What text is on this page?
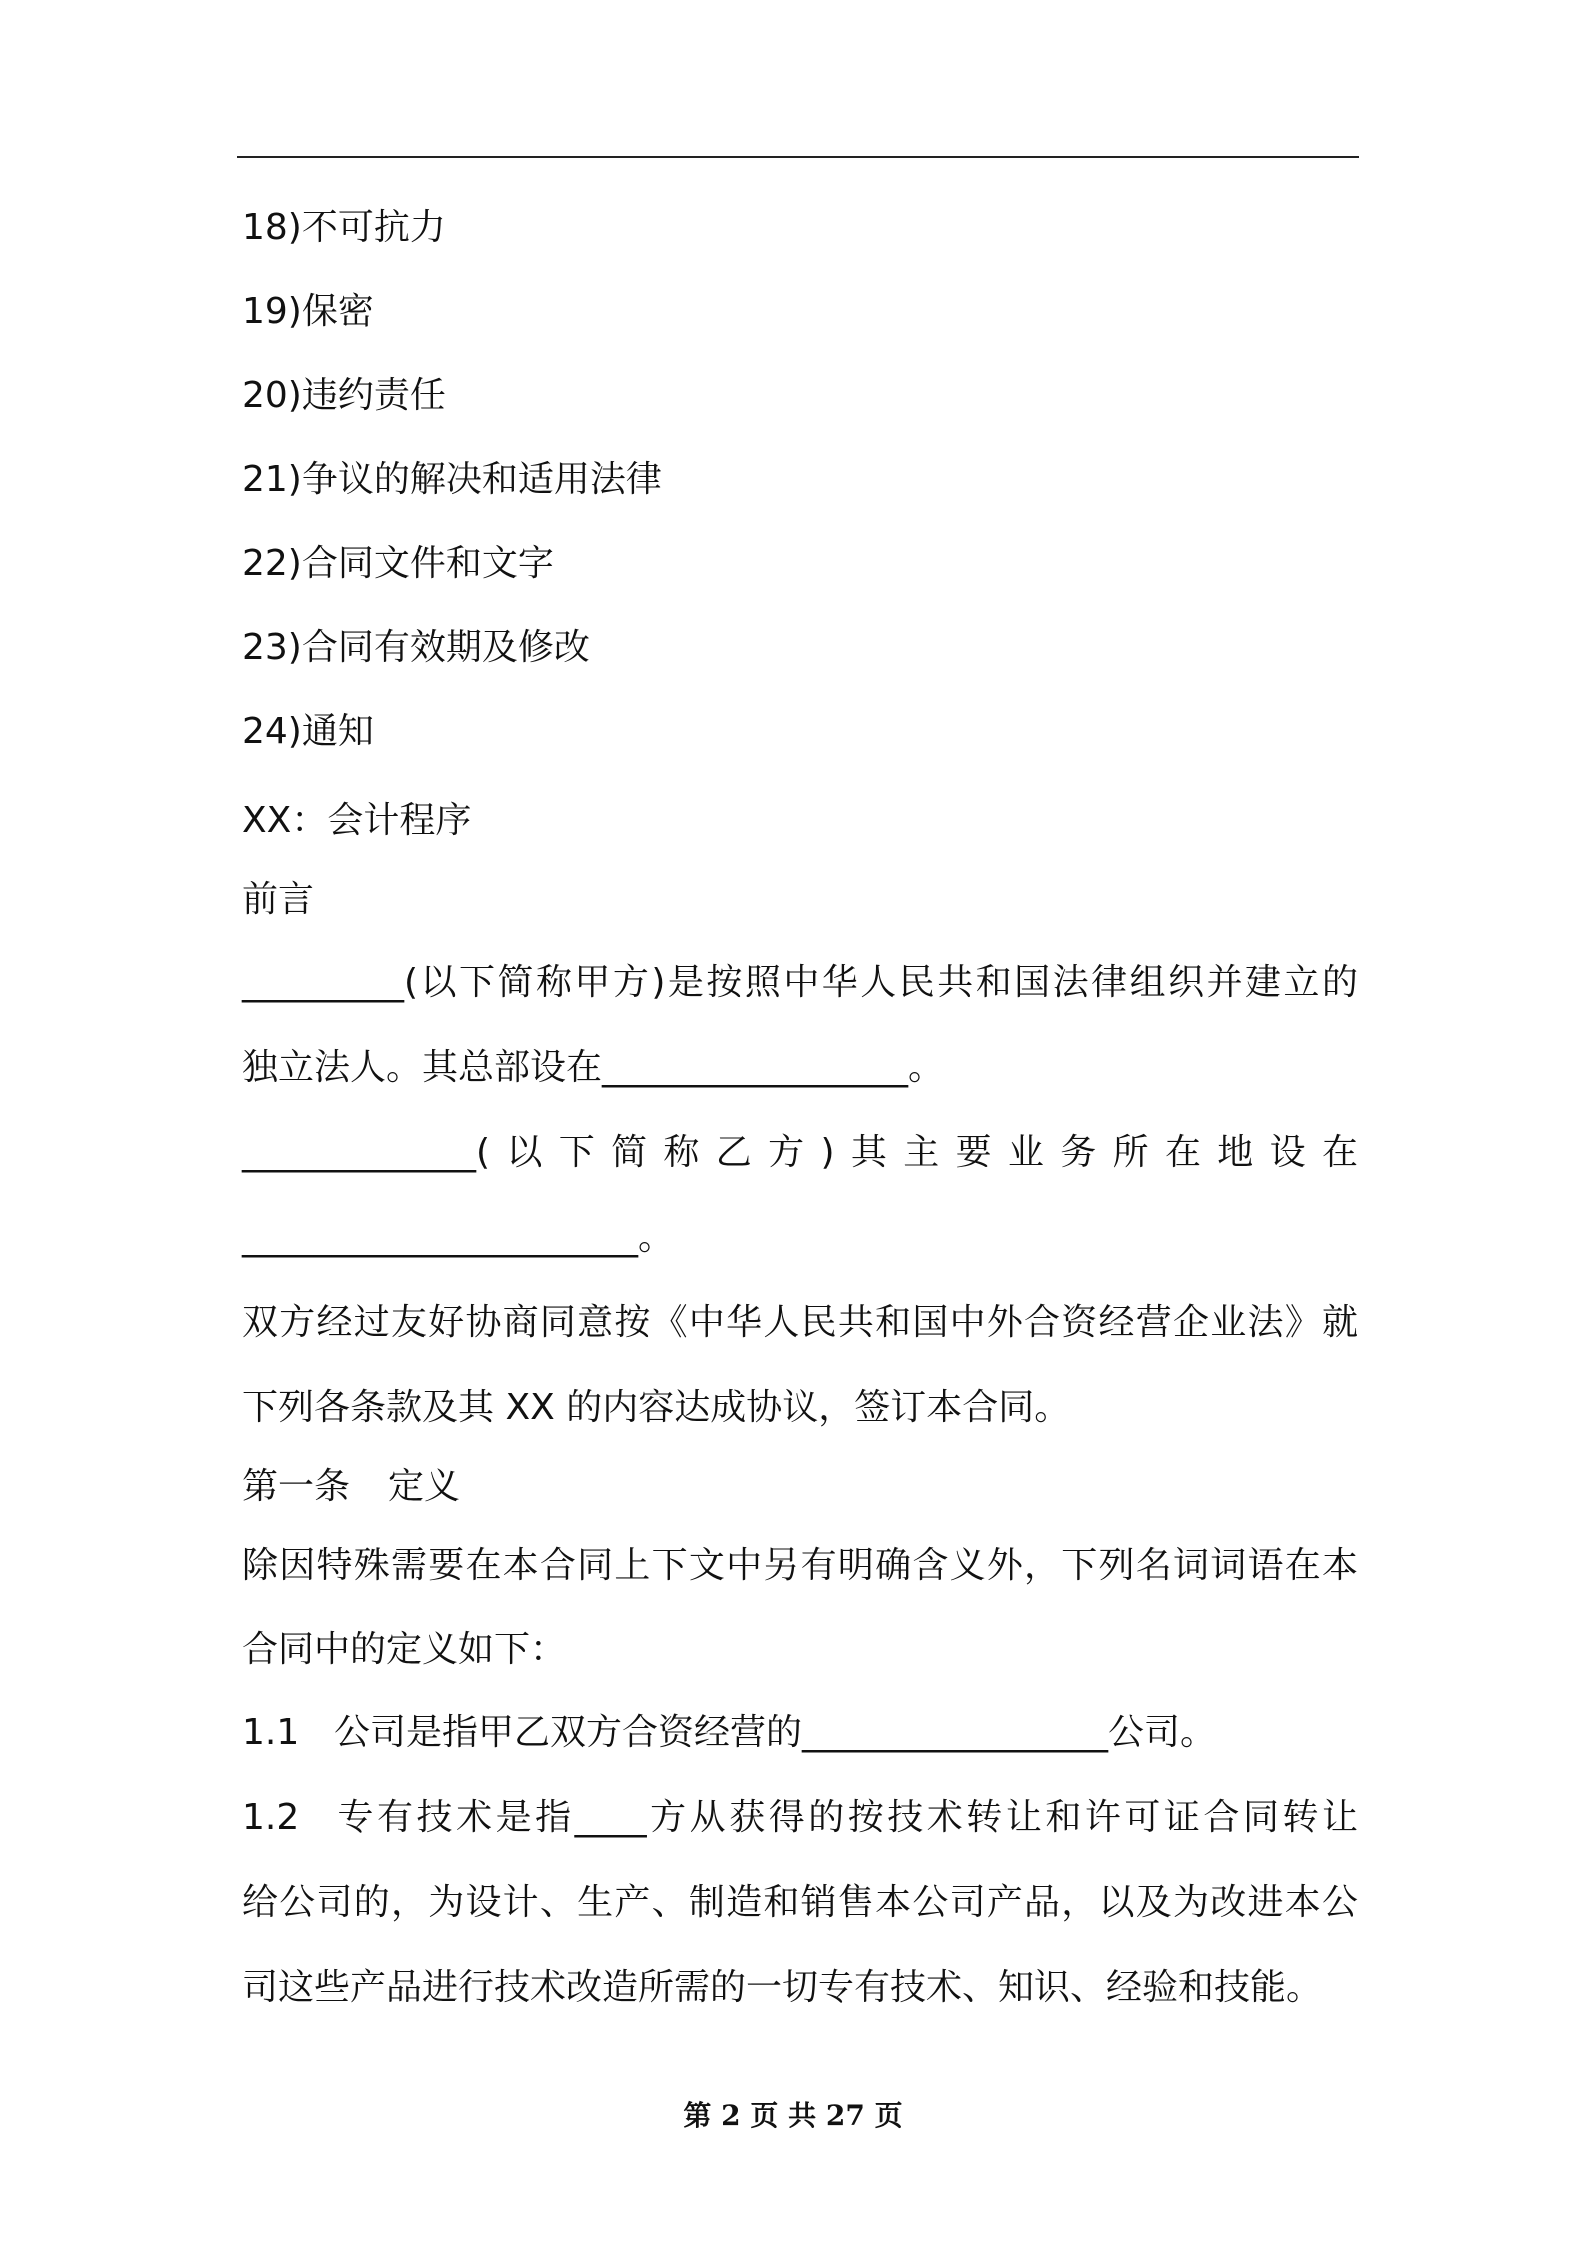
18)不可抗力
19)保密
20)违约责任
21)争议的解决和适用法律
22)合同文件和文字
23)合同有效期及修改
24)通知
XX：会计程序
前言
_________(以下简称甲方)是按照中华人民共和国法律组织并建立的
独立法人。其总部设在_________________。
_____________(以下简称乙方)其主要业务所在地设在
______________________。
双方经过友好协商同意按《中华人民共和国中外合资经营企业法》就
下列各条款及其 XX 的内容达成协议，签订本合同。
第一条 定义
除因特殊需要在本合同上下文中另有明确含义外，下列名词词语在本
合同中的定义如下：
1.1 公司是指甲乙双方合资经营的_________________公司。
1.2 专有技术是指____方从获得的按技术转让和许可证合同转让
给公司的，为设计、生产、制造和销售本公司产品，以及为改进本公
司这些产品进行技术改造所需的一切专有技术、知识、经验和技能。
第 2 页 共 27 页
